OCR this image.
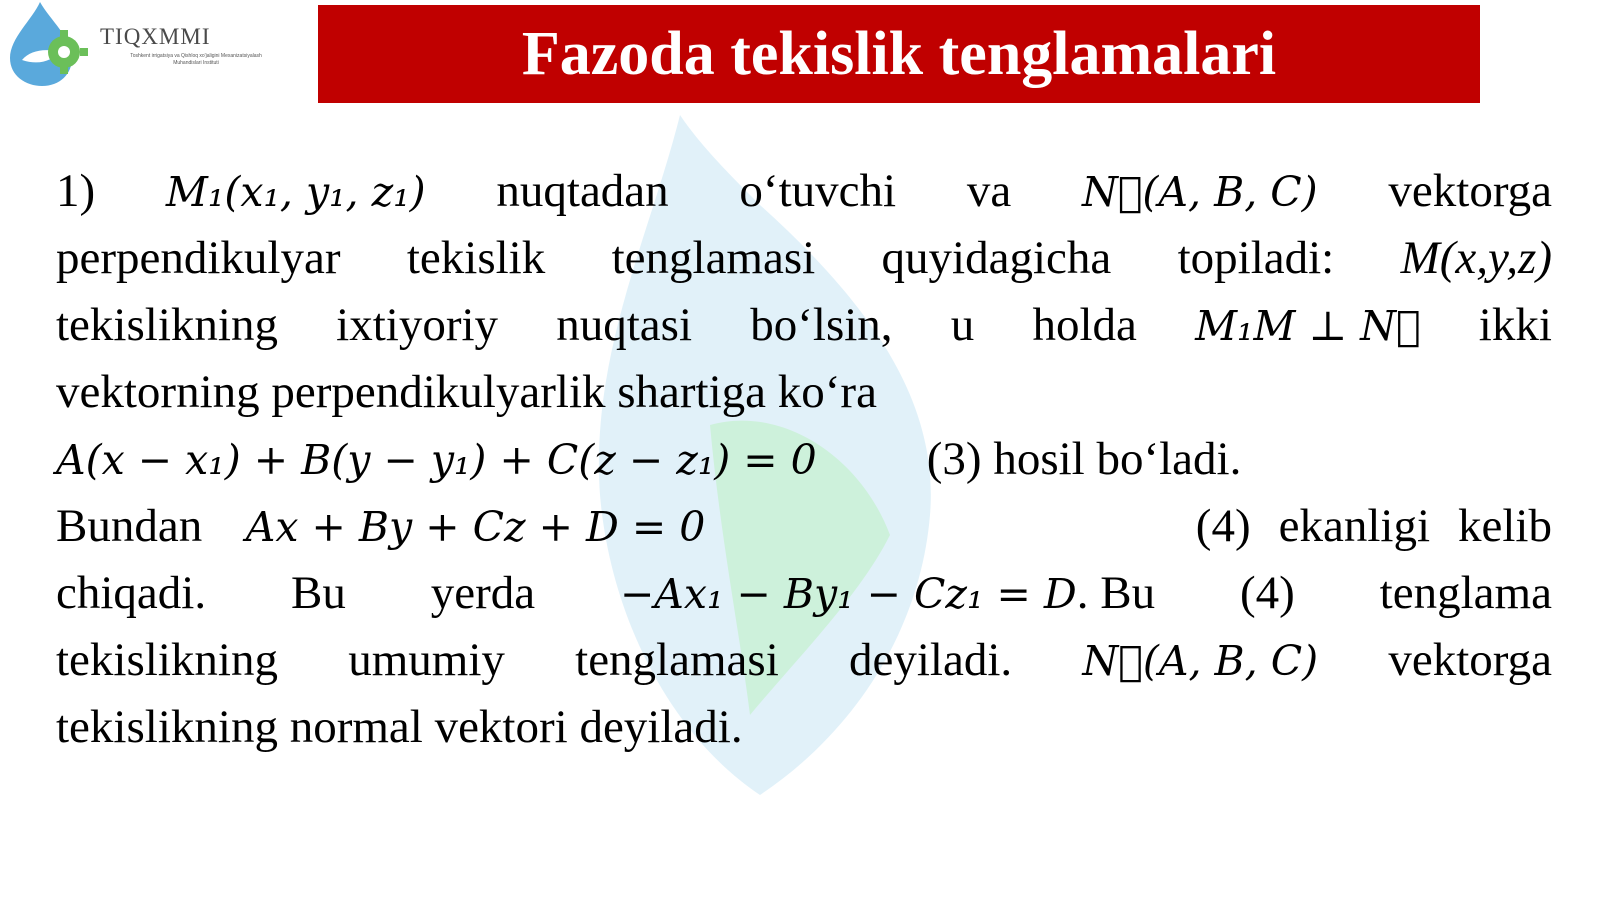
TIQXMMI
Toshkent irrigatsiya va Qishloq xo'jaligini Mexanizatsiyalash Muhandislari Instituti	Fazoda tekislik tenglamalari
1) M₁(x₁, y₁, z₁) nuqtadan o‘tuvchi va N⃗(A, B, C) vektorga
perpendikulyar tekislik tenglamasi quyidagicha topiladi: M(x,y,z)
tekislikning ixtiyoriy nuqtasi bo‘lsin, u holda M₁M ⊥ N⃗ ikki
vektorning perpendikulyarlik shartiga ko‘ra
A(x − x₁) + B(y − y₁) + C(z − z₁) = 0 (3) hosil bo‘ladi.
Bundan Ax + By + Cz + D = 0	(4) ekanligi kelib
chiqadi. Bu yerda −Ax₁ − By₁ − Cz₁ = D. Bu (4) tenglama
tekislikning umumiy tenglamasi deyiladi. N⃗(A, B, C) vektorga
tekislikning normal vektori deyiladi.
